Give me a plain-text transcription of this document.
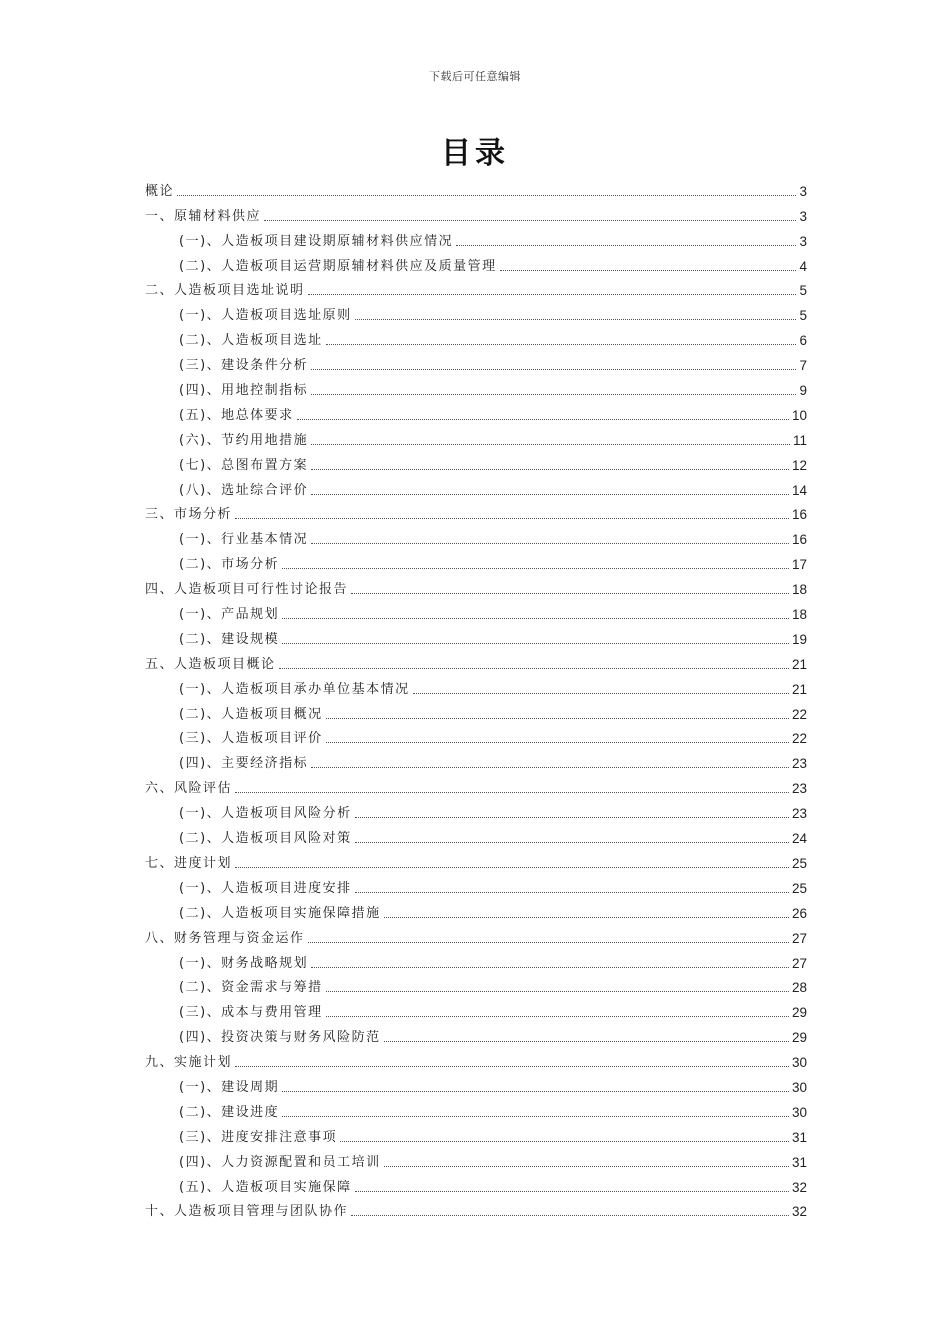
下载后可任意编辑
目录
概论	3
一、原辅材料供应	3
(一)、人造板项目建设期原辅材料供应情况	3
(二)、人造板项目运营期原辅材料供应及质量管理	4
二、人造板项目选址说明	5
(一)、人造板项目选址原则	5
(二)、人造板项目选址	6
(三)、建设条件分析	7
(四)、用地控制指标	9
(五)、地总体要求	10
(六)、节约用地措施	11
(七)、总图布置方案	12
(八)、选址综合评价	14
三、市场分析	16
(一)、行业基本情况	16
(二)、市场分析	17
四、人造板项目可行性讨论报告	18
(一)、产品规划	18
(二)、建设规模	19
五、人造板项目概论	21
(一)、人造板项目承办单位基本情况	21
(二)、人造板项目概况	22
(三)、人造板项目评价	22
(四)、主要经济指标	23
六、风险评估	23
(一)、人造板项目风险分析	23
(二)、人造板项目风险对策	24
七、进度计划	25
(一)、人造板项目进度安排	25
(二)、人造板项目实施保障措施	26
八、财务管理与资金运作	27
(一)、财务战略规划	27
(二)、资金需求与筹措	28
(三)、成本与费用管理	29
(四)、投资决策与财务风险防范	29
九、实施计划	30
(一)、建设周期	30
(二)、建设进度	30
(三)、进度安排注意事项	31
(四)、人力资源配置和员工培训	31
(五)、人造板项目实施保障	32
十、人造板项目管理与团队协作	32
